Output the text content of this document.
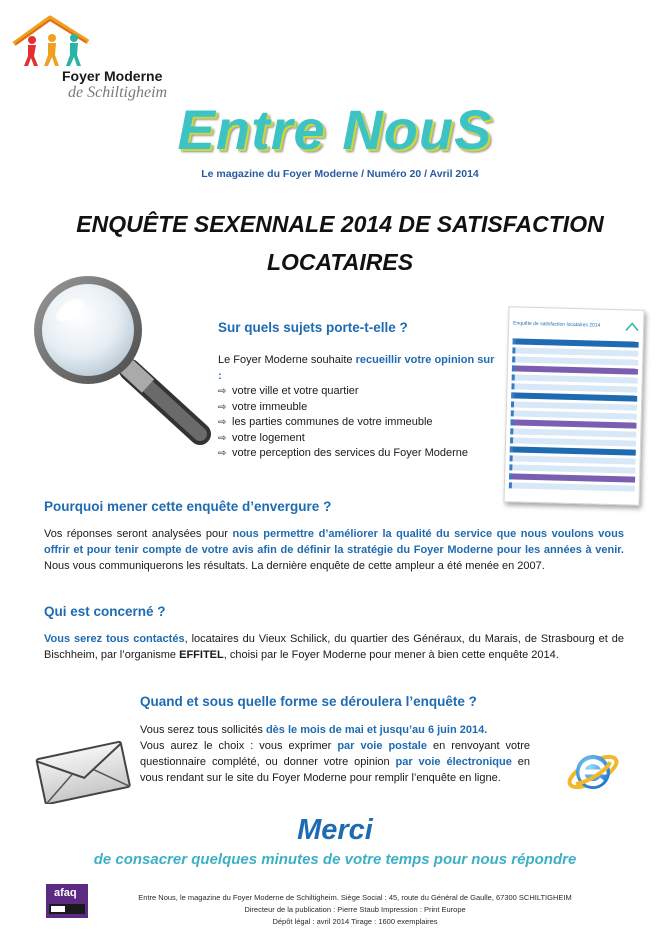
Foyer Moderne
de Schiltigheim
Entre NouS
Le magazine du Foyer Moderne / Numéro 20 / Avril 2014
ENQUÊTE SEXENNALE 2014 DE SATISFACTION
LOCATAIRES
Sur quels sujets porte-t-elle ?
Le Foyer Moderne souhaite recueillir votre opinion sur :
⇨ votre ville et votre quartier
⇨ votre immeuble
⇨ les parties communes de votre immeuble
⇨ votre logement
⇨ votre perception des services du Foyer Moderne
Enquête de satisfaction locataires 2014
Pourquoi mener cette enquête d’envergure ?

Vos réponses seront analysées pour nous permettre d’améliorer la qualité du service que nous voulons vous offrir et pour tenir compte de votre avis afin de définir la stratégie du Foyer Moderne pour les années à venir. Nous vous communiquerons les résultats. La dernière enquête de cette ampleur a été menée en 2007.

Qui est concerné ?

Vous serez tous contactés, locataires du Vieux Schilick, du quartier des Généraux, du Marais, de Strasbourg et de Bischheim, par l’organisme EFFITEL, choisi par le Foyer Moderne pour mener à bien cette enquête 2014.

Quand et sous quelle forme se déroulera l’enquête ?

Vous serez tous sollicités dès le mois de mai et jusqu’au 6 juin 2014.

Vous aurez le choix : vous exprimer par voie postale en renvoyant votre questionnaire complété, ou donner votre opinion par voie électronique en vous rendant sur le site du Foyer Moderne pour remplir l’enquête en ligne.

Merci
de consacrer quelques minutes de votre temps pour nous répondre
afaq	Entre Nous, le magazine du Foyer Moderne de Schiltigheim. Siège Social : 45, route du Général de Gaulle, 67300 SCHILTIGHEIM
Directeur de la publication : Pierre Staub Impression : Print Europe
Dépôt légal : avril 2014 Tirage : 1600 exemplaires
